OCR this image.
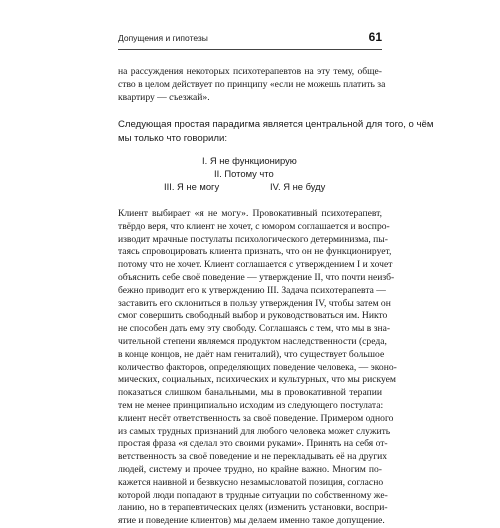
Допущения и гипотезы	61
на рассуждения некоторых психотерапевтов на эту тему, обще-
ство в целом действует по принципу «если не можешь платить за
квартиру — съезжай».
Следующая простая парадигма является центральной для того, о чём
мы только что говорили:
I. Я не функционирую
II. Потому что
III. Я не могу	IV. Я не буду
Клиент выбирает «я не могу». Провокативный психотерапевт,
твёрдо веря, что клиент не хочет, с юмором соглашается и воспро-
изводит мрачные постулаты психологического детерминизма, пы-
таясь спровоцировать клиента признать, что он не функционирует,
потому что не хочет. Клиент соглашается с утверждением I и хочет
объяснить себе своё поведение — утверждение II, что почти неизб-
бежно приводит его к утверждению III. Задача психотерапевта —
заставить его склониться в пользу утверждения IV, чтобы затем он
смог совершить свободный выбор и руководствоваться им. Никто
не способен дать ему эту свободу. Соглашаясь с тем, что мы в зна-
чительной степени являемся продуктом наследственности (среда,
в конце концов, не даёт нам гениталий), что существует большое
количество факторов, определяющих поведение человека, — эконо-
мических, социальных, психических и культурных, что мы рискуем
показаться слишком банальными, мы в провокативной терапии
тем не менее принципиально исходим из следующего постулата:
клиент несёт ответственность за своё поведение. Примером одного
из самых трудных признаний для любого человека может служить
простая фраза «я сделал это своими руками». Принять на себя от-
ветственность за своё поведение и не перекладывать её на других
людей, систему и прочее трудно, но крайне важно. Многим по-
кажется наивной и безвкусно незамысловатой позиция, согласно
которой люди попадают в трудные ситуации по собственному же-
ланию, но в терапевтических целях (изменить установки, воспри-
ятие и поведение клиентов) мы делаем именно такое допущение.
